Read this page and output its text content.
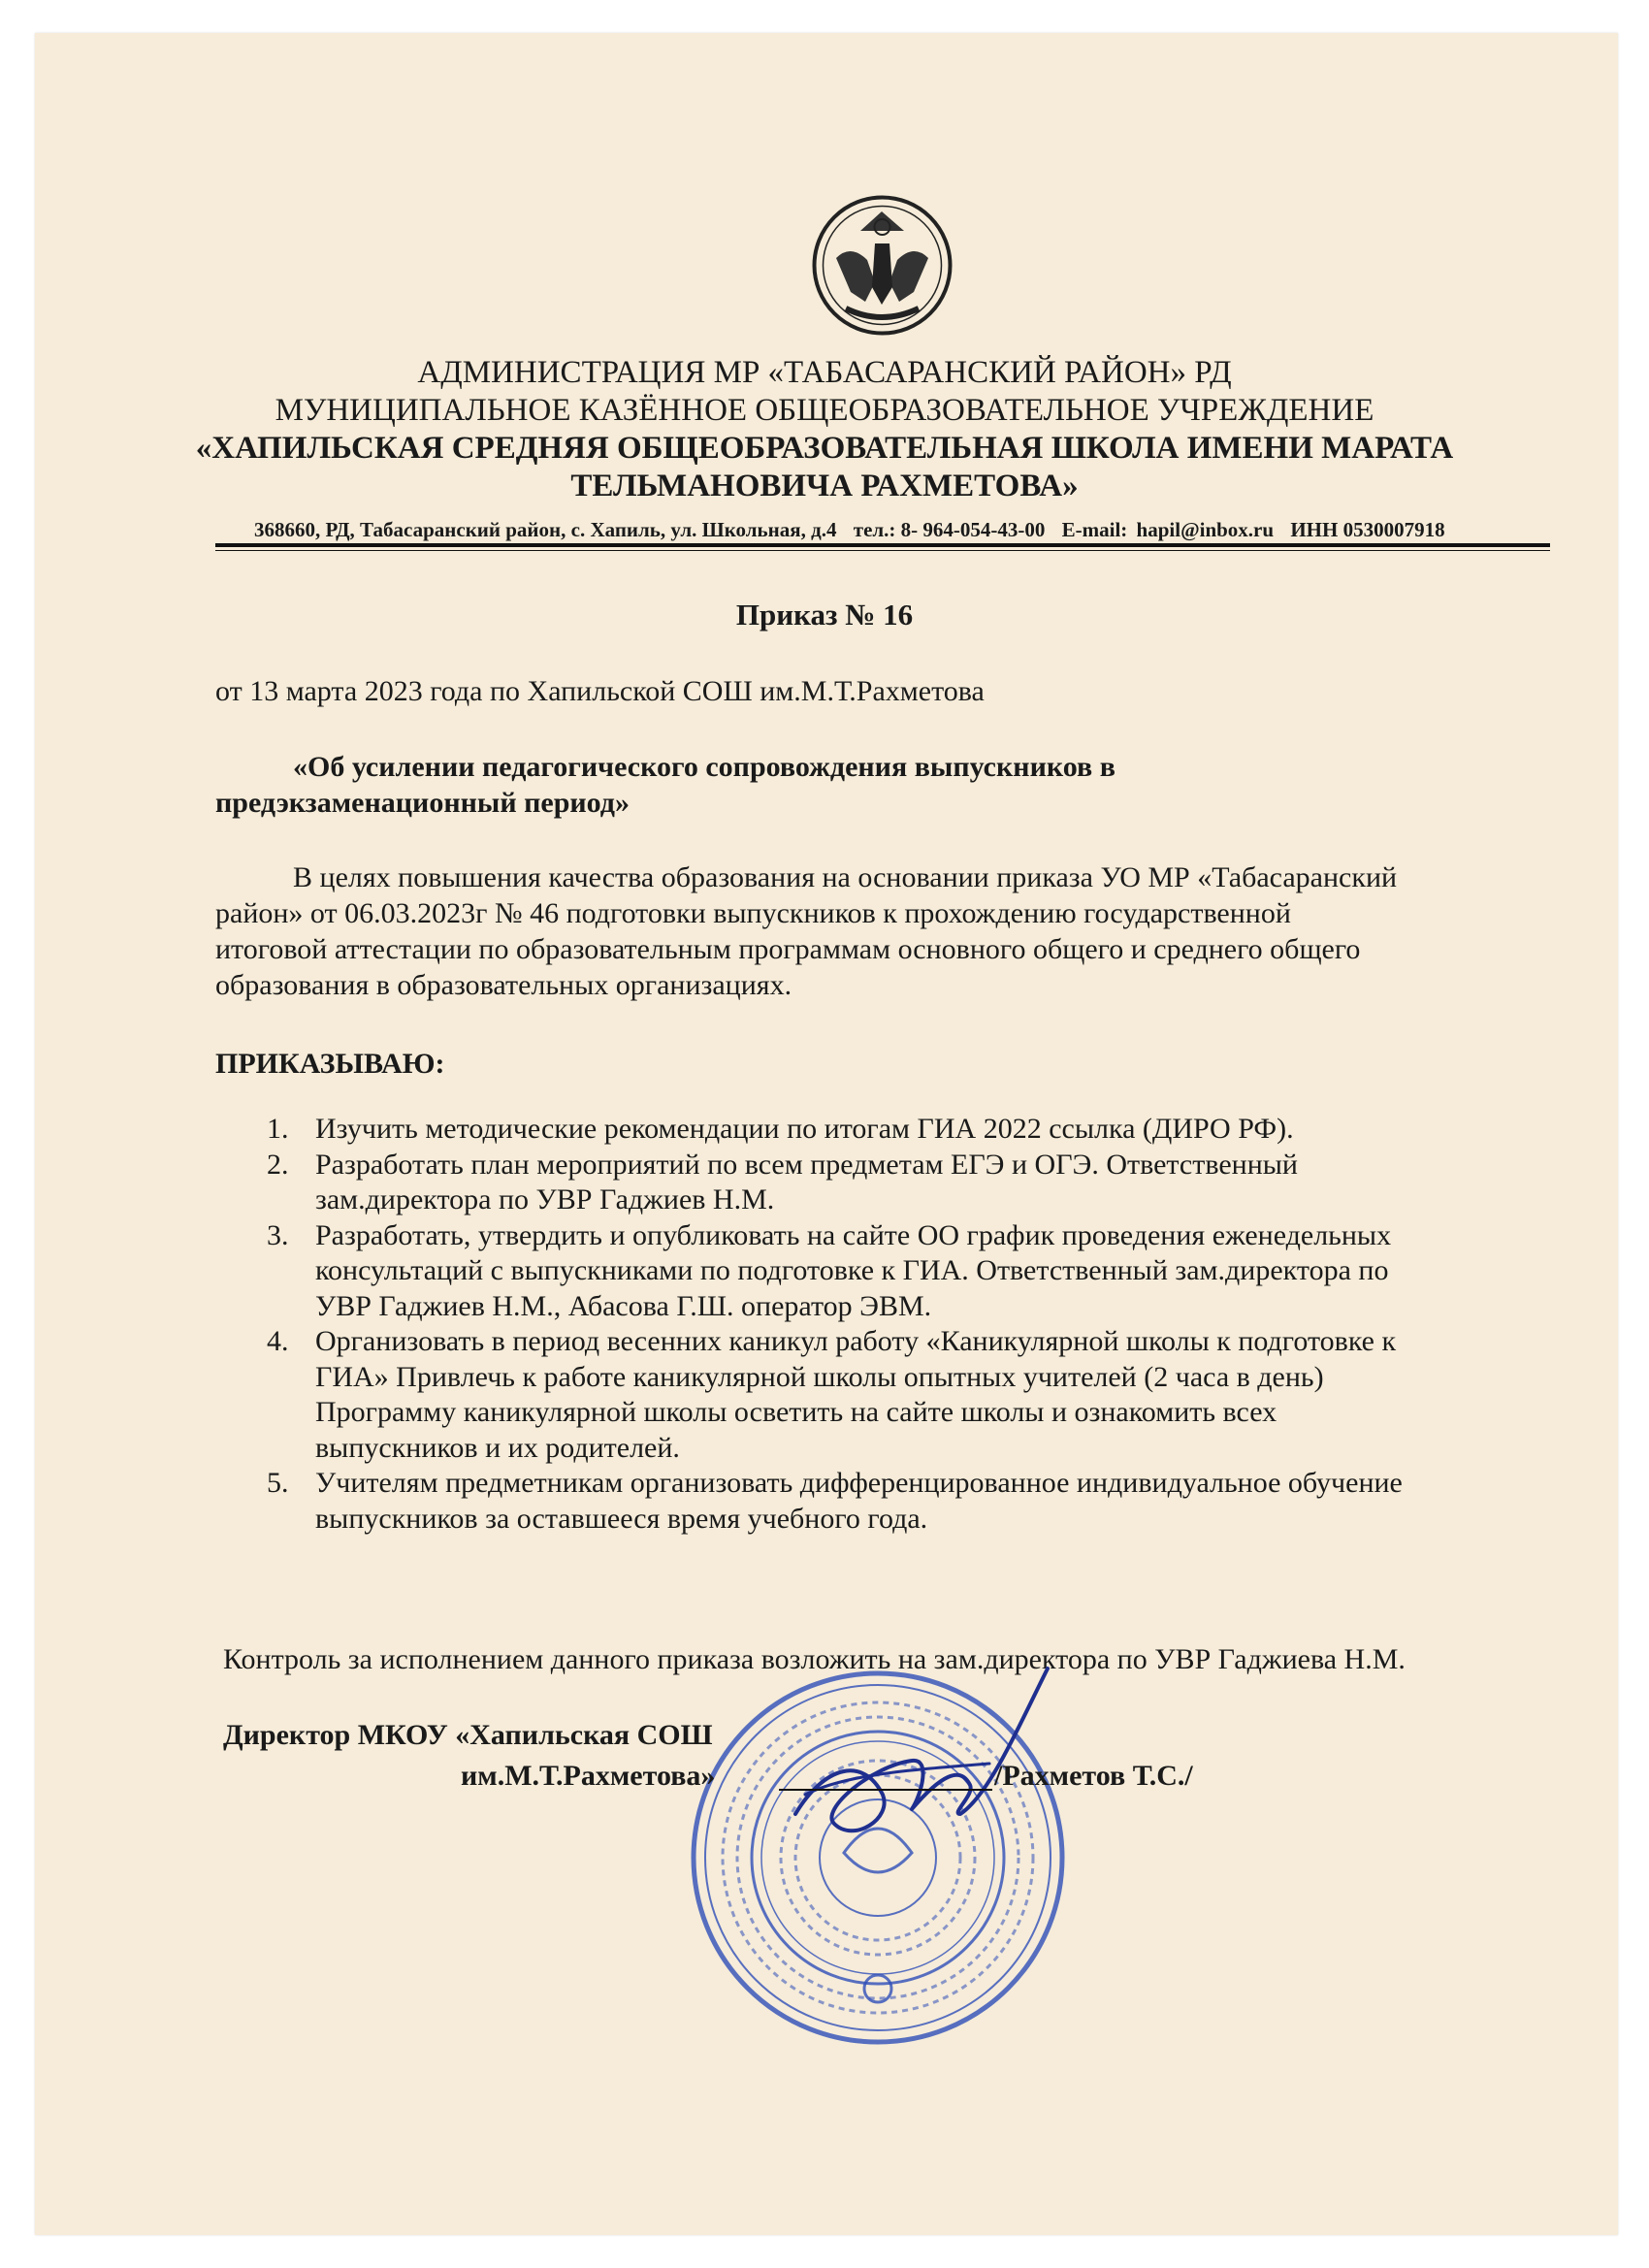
АДМИНИСТРАЦИЯ МР «ТАБАСАРАНСКИЙ РАЙОН» РД
МУНИЦИПАЛЬНОЕ КАЗЁННОЕ ОБЩЕОБРАЗОВАТЕЛЬНОЕ УЧРЕЖДЕНИЕ
«ХАПИЛЬСКАЯ СРЕДНЯЯ ОБЩЕОБРАЗОВАТЕЛЬНАЯ ШКОЛА ИМЕНИ МАРАТА
ТЕЛЬМАНОВИЧА РАХМЕТОВА»
368660, РД, Табасаранский район, с. Хапиль, ул. Школьная, д.4 тел.: 8- 964-054-43-00 E-mail: hapil@inbox.ru ИНН 0530007918
Приказ № 16
от 13 марта 2023 года по Хапильской СОШ им.М.Т.Рахметова
«Об усилении педагогического сопровождения выпускников в
предэкзаменационный период»
В целях повышения качества образования на основании приказа УО МР «Табасаранский
район» от 06.03.2023г № 46 подготовки выпускников к прохождению государственной
итоговой аттестации по образовательным программам основного общего и среднего общего
образования в образовательных организациях.
ПРИКАЗЫВАЮ:
1. Изучить методические рекомендации по итогам ГИА 2022 ссылка (ДИРО РФ).
2. Разработать план мероприятий по всем предметам ЕГЭ и ОГЭ. Ответственный
зам.директора по УВР Гаджиев Н.М.
3. Разработать, утвердить и опубликовать на сайте ОО график проведения еженедельных
консультаций с выпускниками по подготовке к ГИА. Ответственный зам.директора по
УВР Гаджиев Н.М., Абасова Г.Ш. оператор ЭВМ.
4. Организовать в период весенних каникул работу «Каникулярной школы к подготовке к
ГИА» Привлечь к работе каникулярной школы опытных учителей (2 часа в день)
Программу каникулярной школы осветить на сайте школы и ознакомить всех
выпускников и их родителей.
5. Учителям предметникам организовать дифференцированное индивидуальное обучение
выпускников за оставшееся время учебного года.
Контроль за исполнением данного приказа возложить на зам.директора по УВР Гаджиева Н.М.
Директор МКОУ «Хапильская СОШ
им.М.Т.Рахметова»	/Рахметов Т.С./
